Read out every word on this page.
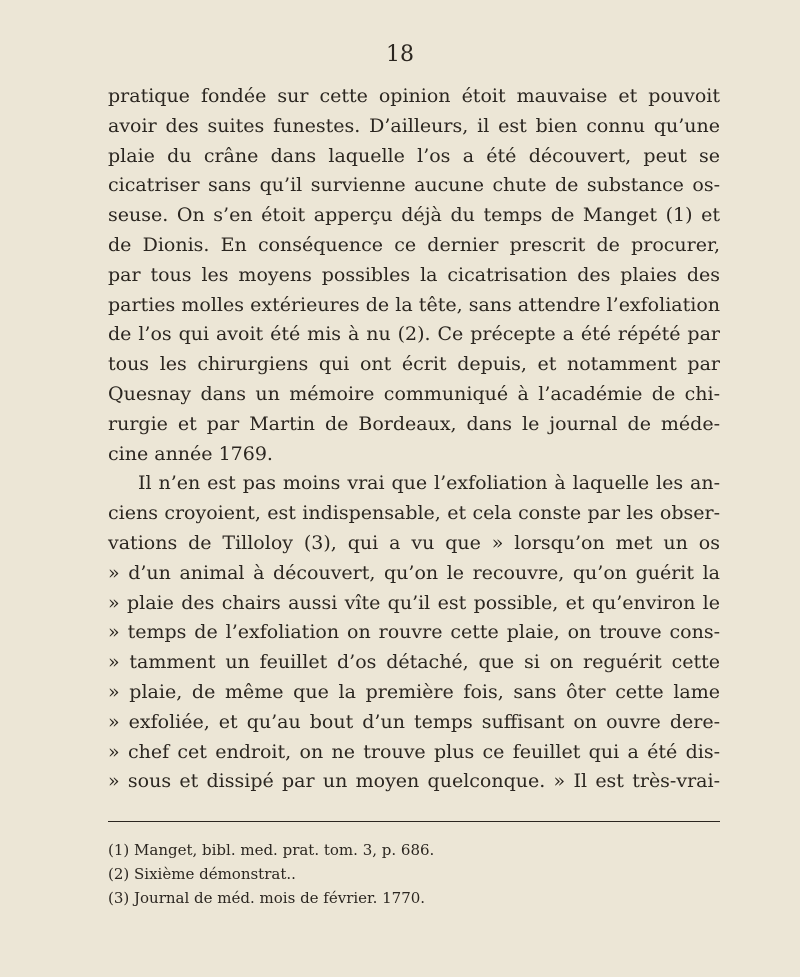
18
pratique fondée sur cette opinion étoit mauvaise et pouvoit
avoir des suites funestes. D’ailleurs, il est bien connu qu’une
plaie du crâne dans laquelle l’os a été découvert, peut se
cicatriser sans qu’il survienne aucune chute de substance os-
seuse. On s’en étoit apperçu déjà du temps de Manget (1) et
de Dionis. En conséquence ce dernier prescrit de procurer,
par tous les moyens possibles la cicatrisation des plaies des
parties molles extérieures de la tête, sans attendre l’exfoliation
de l’os qui avoit été mis à nu (2). Ce précepte a été répété par
tous les chirurgiens qui ont écrit depuis, et notamment par
Quesnay dans un mémoire communiqué à l’académie de chi-
rurgie et par Martin de Bordeaux, dans le journal de méde-
cine année 1769.
Il n’en est pas moins vrai que l’exfoliation à laquelle les an-
ciens croyoient, est indispensable, et cela conste par les obser-
vations de Tilloloy (3), qui a vu que » lorsqu’on met un os
» d’un animal à découvert, qu’on le recouvre, qu’on guérit la
» plaie des chairs aussi vîte qu’il est possible, et qu’environ le
» temps de l’exfoliation on rouvre cette plaie, on trouve cons-
» tamment un feuillet d’os détaché, que si on reguérit cette
» plaie, de même que la première fois, sans ôter cette lame
» exfoliée, et qu’au bout d’un temps suffisant on ouvre dere-
» chef cet endroit, on ne trouve plus ce feuillet qui a été dis-
» sous et dissipé par un moyen quelconque. » Il est très-vrai-
(1) Manget, bibl. med. prat. tom. 3, p. 686.
(2) Sixième démonstrat..
(3) Journal de méd. mois de février. 1770.
